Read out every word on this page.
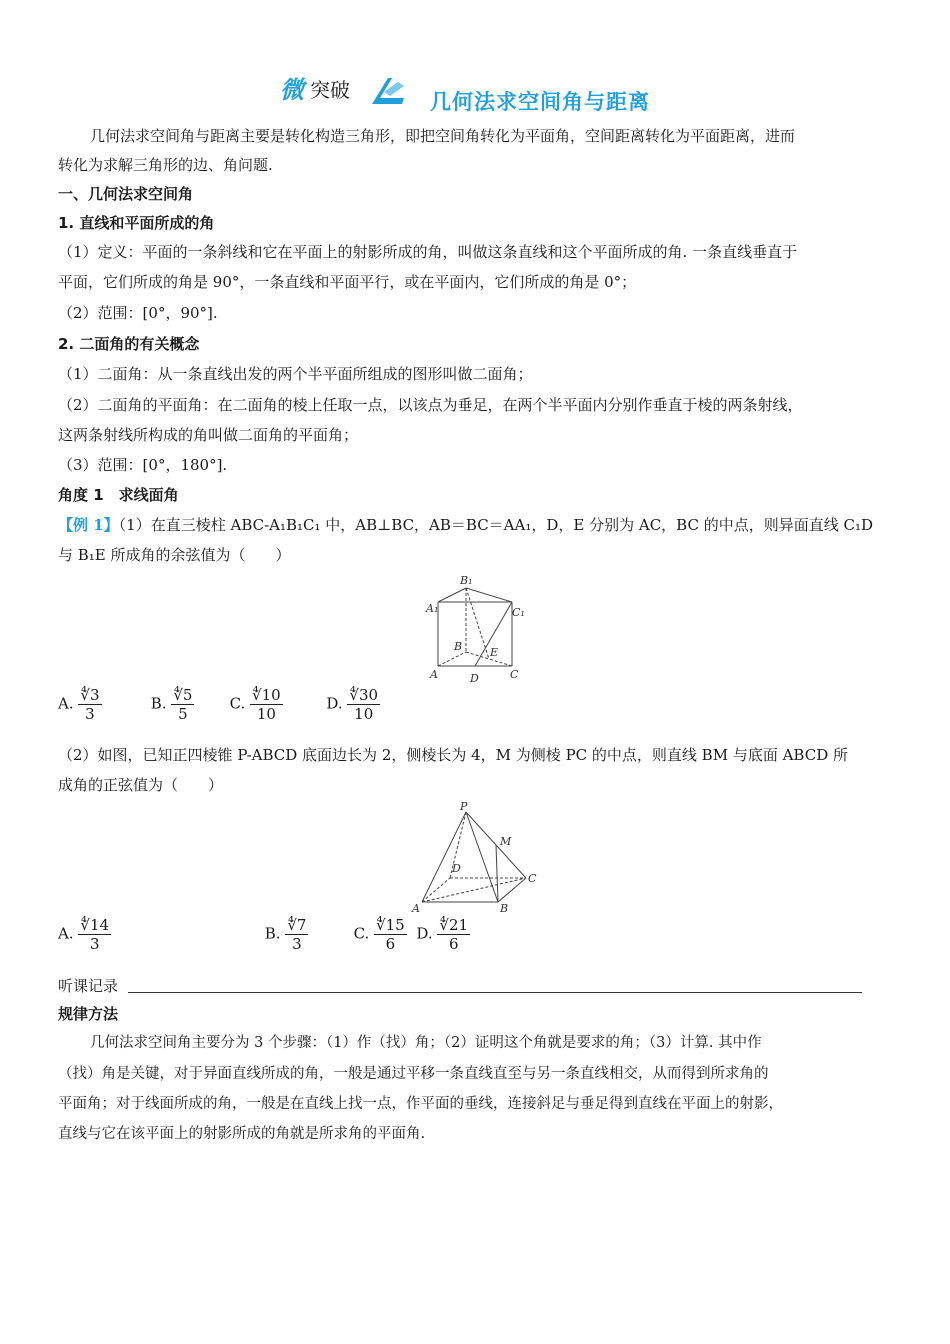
微 突破	几何法求空间角与距离
几何法求空间角与距离主要是转化构造三角形，即把空间角转化为平面角，空间距离转化为平面距离，进而
转化为求解三角形的边、角问题.
一、几何法求空间角
1. 直线和平面所成的角
（1）定义：平面的一条斜线和它在平面上的射影所成的角，叫做这条直线和这个平面所成的角. 一条直线垂直于
平面，它们所成的角是 90°，一条直线和平面平行，或在平面内，它们所成的角是 0°；
（2）范围：[0°，90°].
2. 二面角的有关概念
（1）二面角：从一条直线出发的两个半平面所组成的图形叫做二面角；
（2）二面角的平面角：在二面角的棱上任取一点，以该点为垂足，在两个半平面内分别作垂直于棱的两条射线，
这两条射线所构成的角叫做二面角的平面角；
（3）范围：[0°，180°].
角度 1　求线面角
【例 1】（1）在直三棱柱 ABC-A₁B₁C₁ 中，AB⊥BC，AB＝BC＝AA₁，D，E 分别为 AC，BC 的中点，则异面直线 C₁D
与 B₁E 所成角的余弦值为（　　）
B₁
A₁	C₁
B	E
A	D	C
A. $\frac{∜3}{3}$	B. $\frac{∜5}{5} C$. $\frac{∜10}{10}$	D. $\frac{∜30}{10}$
（2）如图，已知正四棱锥 P-ABCD 底面边长为 2，侧棱长为 4，M 为侧棱 PC 的中点，则直线 BM 与底面 ABCD 所
成角的正弦值为（　　）
P
M
D
C
A	B
A. $\frac{∜14}{3}$	B. $\frac{∜7}{3}$	C. $\frac{∜15}{6} D$. $\frac{∜21}{6}$
听课记录
规律方法
几何法求空间角主要分为 3 个步骤：（1）作（找）角；（2）证明这个角就是要求的角；（3）计算. 其中作
（找）角是关键，对于异面直线所成的角，一般是通过平移一条直线直至与另一条直线相交，从而得到所求角的
平面角；对于线面所成的角，一般是在直线上找一点，作平面的垂线，连接斜足与垂足得到直线在平面上的射影，
直线与它在该平面上的射影所成的角就是所求角的平面角.
